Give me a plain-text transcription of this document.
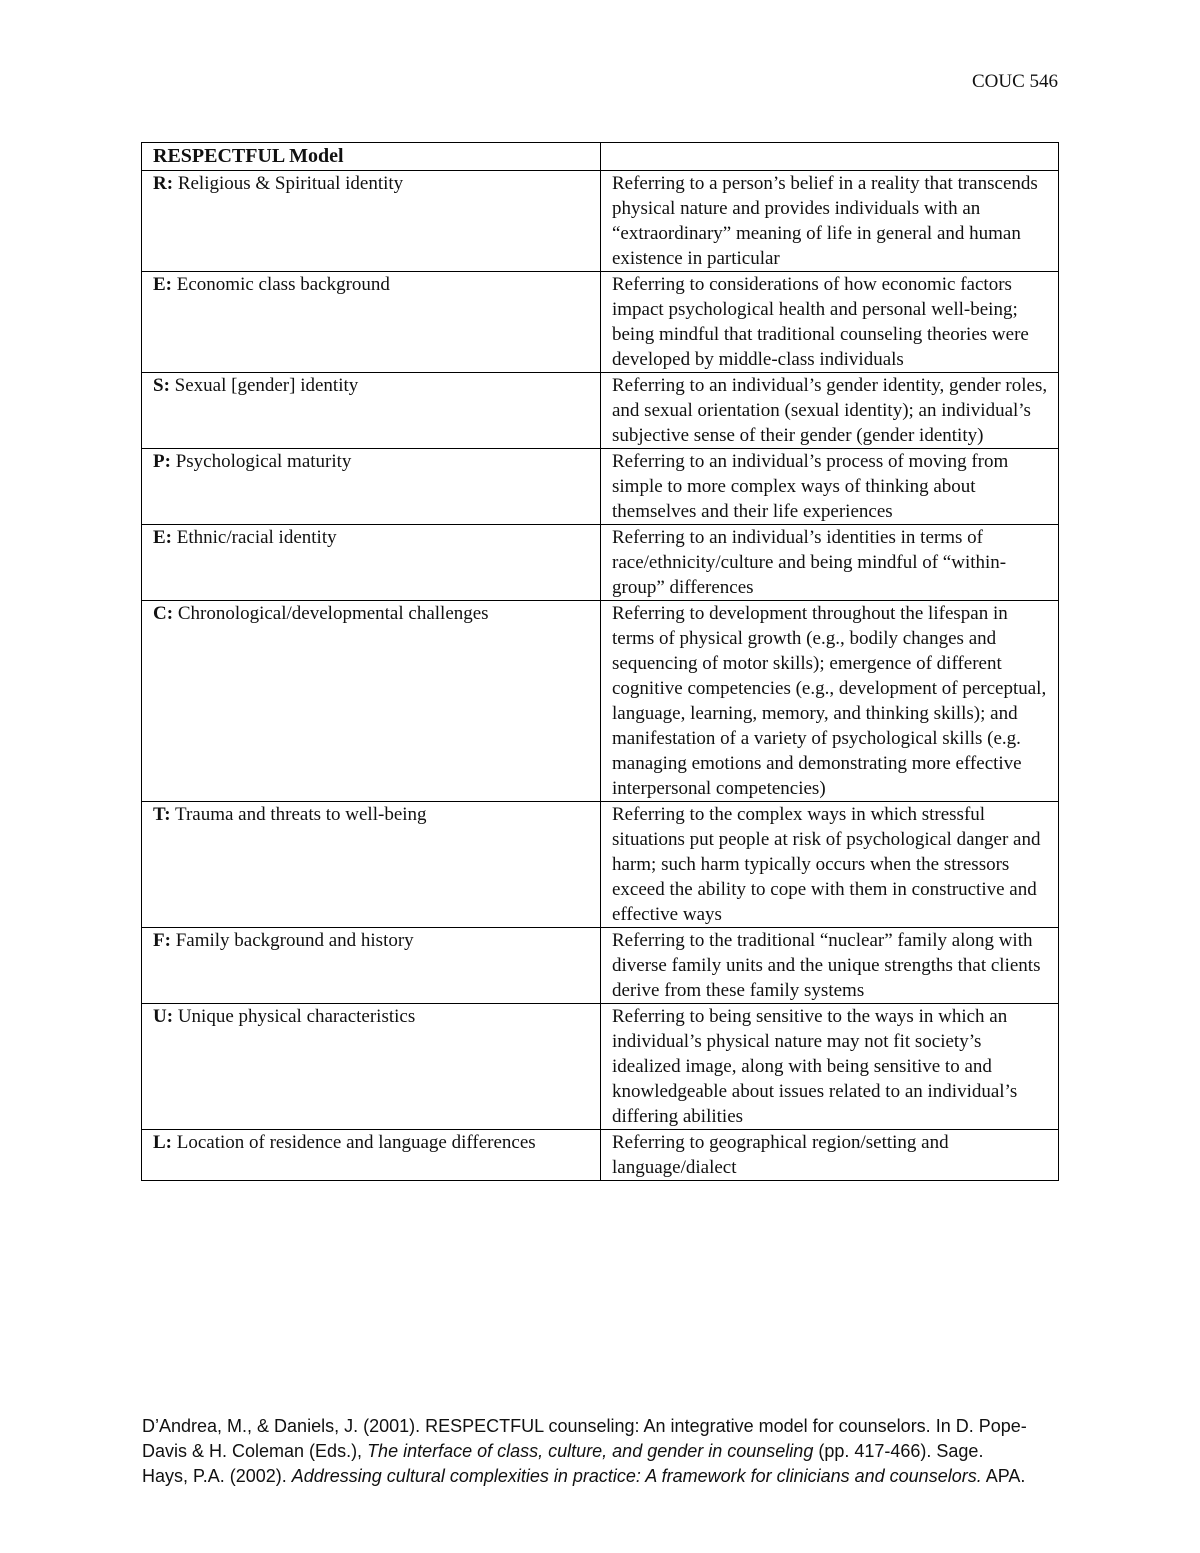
COUC 546
RESPECTFUL Model	
R: Religious & Spiritual identity	Referring to a person’s belief in a reality that transcends physical nature and provides individuals with an “extraordinary” meaning of life in general and human existence in particular
E: Economic class background	Referring to considerations of how economic factors impact psychological health and personal well-being; being mindful that traditional counseling theories were developed by middle-class individuals
S: Sexual [gender] identity	Referring to an individual’s gender identity, gender roles, and sexual orientation (sexual identity); an individual’s subjective sense of their gender (gender identity)
P: Psychological maturity	Referring to an individual’s process of moving from simple to more complex ways of thinking about themselves and their life experiences
E: Ethnic/racial identity	Referring to an individual’s identities in terms of race/ethnicity/culture and being mindful of “within-group” differences
C: Chronological/developmental challenges	Referring to development throughout the lifespan in terms of physical growth (e.g., bodily changes and sequencing of motor skills); emergence of different cognitive competencies (e.g., development of perceptual, language, learning, memory, and thinking skills); and manifestation of a variety of psychological skills (e.g. managing emotions and demonstrating more effective interpersonal competencies)
T: Trauma and threats to well-being	Referring to the complex ways in which stressful situations put people at risk of psychological danger and harm; such harm typically occurs when the stressors exceed the ability to cope with them in constructive and effective ways
F: Family background and history	Referring to the traditional “nuclear” family along with diverse family units and the unique strengths that clients derive from these family systems
U: Unique physical characteristics	Referring to being sensitive to the ways in which an individual’s physical nature may not fit society’s idealized image, along with being sensitive to and knowledgeable about issues related to an individual’s differing abilities
L: Location of residence and language differences	Referring to geographical region/setting and language/dialect

D’Andrea, M., & Daniels, J. (2001). RESPECTFUL counseling: An integrative model for counselors. In D. Pope-Davis & H. Coleman (Eds.), The interface of class, culture, and gender in counseling (pp. 417-466). Sage.

Hays, P.A. (2002). Addressing cultural complexities in practice: A framework for clinicians and counselors. APA.
